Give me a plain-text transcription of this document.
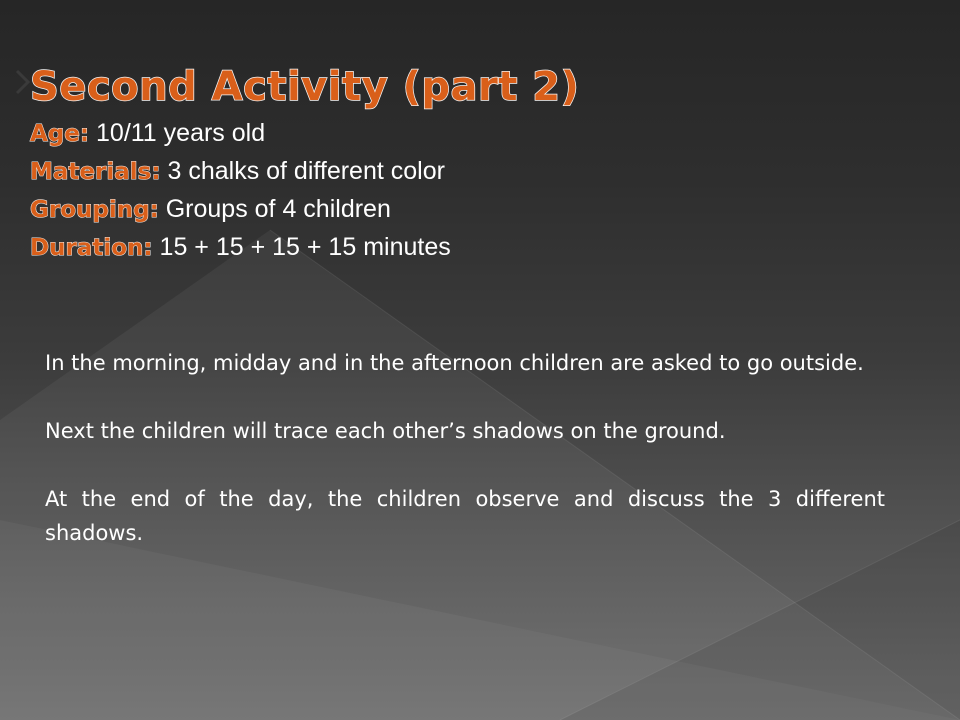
Second Activity (part 2)
Age: 10/11 years old
Materials: 3 chalks of different color
Grouping: Groups of 4 children
Duration: 15 + 15 + 15 + 15 minutes

In the morning, midday and in the afternoon children are asked to go outside.

Next the children will trace each other’s shadows on the ground.

At the end of the day, the children observe and discuss the 3 different shadows.
